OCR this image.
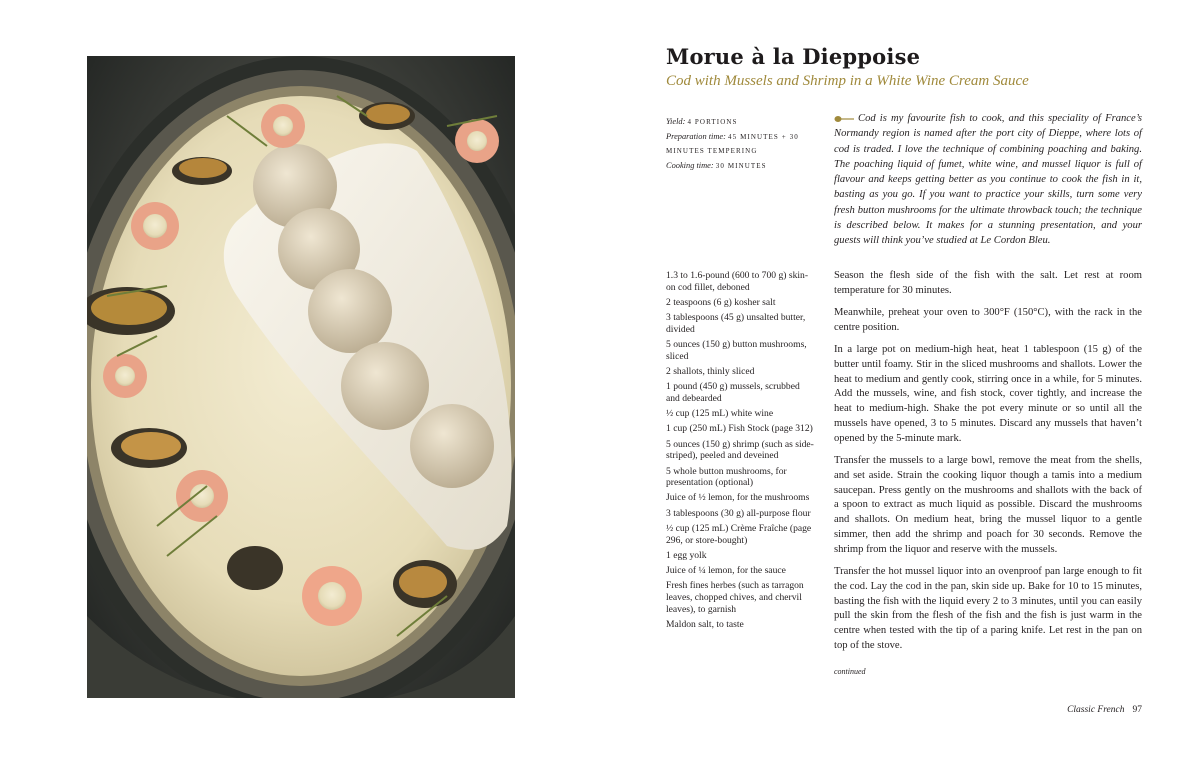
Morue à la Dieppoise
Cod with Mussels and Shrimp in a White Wine Cream Sauce
Yield: 4 PORTIONS
Preparation time: 45 MINUTES + 30 MINUTES TEMPERING
Cooking time: 30 MINUTES
Cod is my favourite fish to cook, and this speciality of France’s Normandy region is named after the port city of Dieppe, where lots of cod is traded. I love the technique of combining poaching and baking. The poaching liquid of fumet, white wine, and mussel liquor is full of flavour and keeps getting better as you continue to cook the fish in it, basting as you go. If you want to practice your skills, turn some very fresh button mushrooms for the ultimate throwback touch; the technique is described below. It makes for a stunning presentation, and your guests will think you’ve studied at Le Cordon Bleu.
1.3 to 1.6-pound (600 to 700 g) skin-on cod fillet, deboned
2 teaspoons (6 g) kosher salt
3 tablespoons (45 g) unsalted butter, divided
5 ounces (150 g) button mushrooms, sliced
2 shallots, thinly sliced
1 pound (450 g) mussels, scrubbed and debearded
½ cup (125 mL) white wine
1 cup (250 mL) Fish Stock (page 312)
5 ounces (150 g) shrimp (such as side-striped), peeled and deveined
5 whole button mushrooms, for presentation (optional)
Juice of ½ lemon, for the mushrooms
3 tablespoons (30 g) all-purpose flour
½ cup (125 mL) Crème Fraîche (page 296, or store-bought)
1 egg yolk
Juice of ¼ lemon, for the sauce
Fresh fines herbes (such as tarragon leaves, chopped chives, and chervil leaves), to garnish
Maldon salt, to taste

Season the flesh side of the fish with the salt. Let rest at room temperature for 30 minutes.

Meanwhile, preheat your oven to 300°F (150°C), with the rack in the centre position.

In a large pot on medium-high heat, heat 1 tablespoon (15 g) of the butter until foamy. Stir in the sliced mushrooms and shallots. Lower the heat to medium and gently cook, stirring once in a while, for 5 minutes. Add the mussels, wine, and fish stock, cover tightly, and increase the heat to medium-high. Shake the pot every minute or so until all the mussels have opened, 3 to 5 minutes. Discard any mussels that haven’t opened by the 5-minute mark.

Transfer the mussels to a large bowl, remove the meat from the shells, and set aside. Strain the cooking liquor though a tamis into a medium saucepan. Press gently on the mushrooms and shallots with the back of a spoon to extract as much liquid as possible. Discard the mushrooms and shallots. On medium heat, bring the mussel liquor to a gentle simmer, then add the shrimp and poach for 30 seconds. Remove the shrimp from the liquor and reserve with the mussels.

Transfer the hot mussel liquor into an ovenproof pan large enough to fit the cod. Lay the cod in the pan, skin side up. Bake for 10 to 15 minutes, basting the fish with the liquid every 2 to 3 minutes, until you can easily pull the skin from the flesh of the fish and the fish is just warm in the centre when tested with the tip of a paring knife. Let rest in the pan on top of the stove.

continued
Classic French 97
